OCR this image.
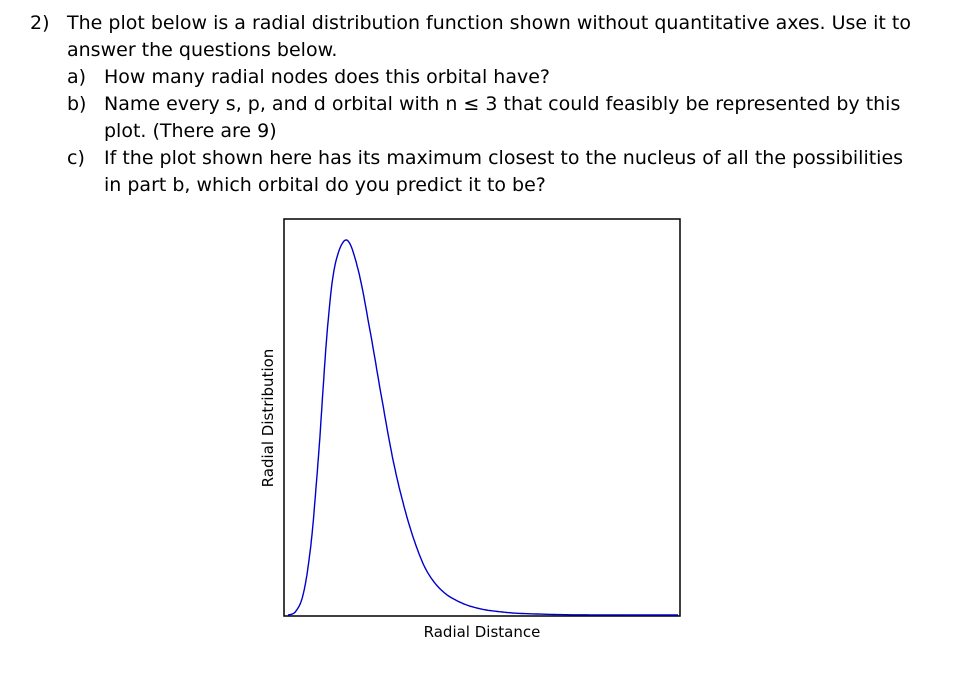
2) The plot below is a radial distribution function shown without quantitative axes. Use it to answer the questions below.
a) How many radial nodes does this orbital have?
b) Name every s, p, and d orbital with n ≤ 3 that could feasibly be represented by this plot. (There are 9)
c)	If the plot shown here has its maximum closest to the nucleus of all the possibilities in part b, which orbital do you predict it to be?
Radial Distance
Radial Distribution
